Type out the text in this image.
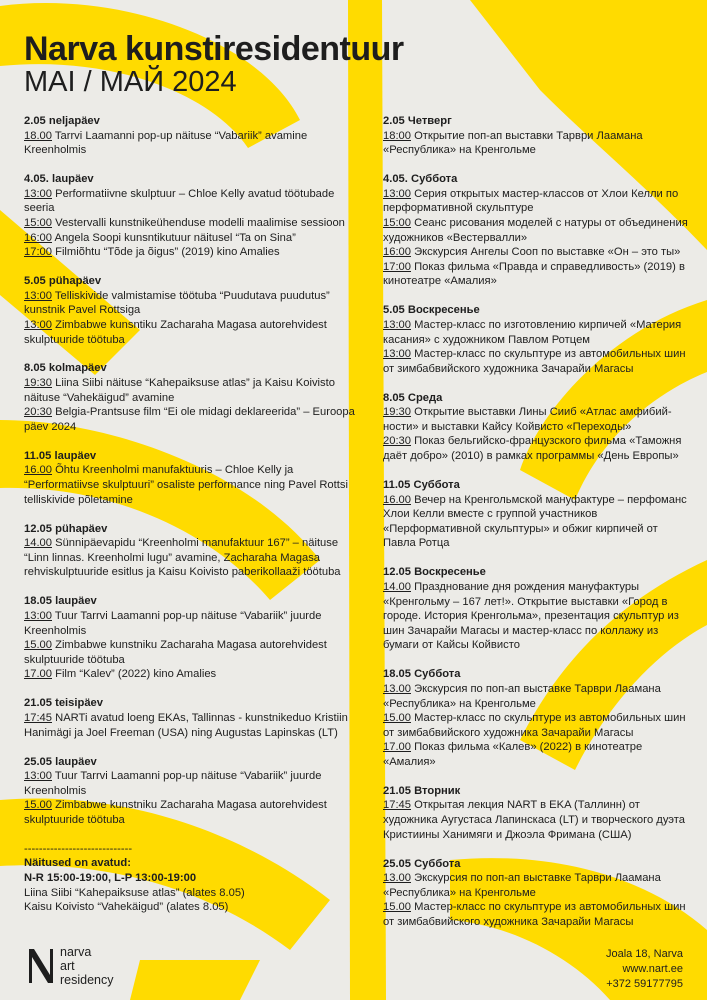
Narva kunstiresidentuur

MAI / МАЙ 2024

2.05 neljapäev
18.00 Tarrvi Laamanni pop-up näituse “Vabariik” avamine Kreenholmis
4.05. laupäev
13:00 Performatiivne skulptuur – Chloe Kelly avatud töötubade seeria
15:00 Vestervalli kunstnikeühenduse modelli maalimise sessioon
16:00 Angela Soopi kunsntikutuur näitusel “Ta on Sina”
17:00 Filmiõhtu “Tõde ja õigus” (2019) kino Amalies
5.05 pühapäev
13:00 Telliskivide valmistamise töötuba “Puudutava puudutus” kunstnik Pavel Rottsiga
13:00 Zimbabwe kunsntiku Zacharaha Magasa autorehvidest skulptuuride töötuba
8.05 kolmapäev
19:30 Liina Siibi näituse “Kahepaiksuse atlas” ja Kaisu Koivisto näituse “Vahekäigud” avamine
20:30 Belgia-Prantsuse film “Ei ole midagi deklareerida” – Euroopa päev 2024
11.05 laupäev
16.00 Õhtu Kreenholmi manufaktuuris – Chloe Kelly ja “Performatiivse skulptuuri” osaliste performance ning Pavel Rottsi telliskivide põletamine
12.05 pühapäev
14.00 Sünnipäevapidu “Kreenholmi manufaktuur 167” – näituse “Linn linnas. Kreenholmi lugu” avamine, Zacharaha Magasa rehviskulptuuride esitlus ja Kaisu Koivisto paberikollaaži töötuba
18.05 laupäev
13:00 Tuur Tarrvi Laamanni pop-up näituse “Vabariik” juurde Kreenholmis
15.00 Zimbabwe kunstniku Zacharaha Magasa autorehvidest skulptuuride töötuba
17.00 Film “Kalev” (2022) kino Amalies
21.05 teisipäev
17:45 NARTi avatud loeng EKAs, Tallinnas - kunstnikeduo Kristiin Hanimägi ja Joel Freeman (USA) ning Augustas Lapinskas (LT)
25.05 laupäev
13:00 Tuur Tarrvi Laamanni pop-up näituse “Vabariik” juurde Kreenholmis
15.00 Zimbabwe kunstniku Zacharaha Magasa autorehvidest skulptuuride töötuba
-----------------------------
Näitused on avatud:
N-R 15:00-19:00, L-P 13:00-19:00
Liina Siibi “Kahepaiksuse atlas” (alates 8.05)
Kaisu Koivisto “Vahekäigud” (alates 8.05)
2.05 Четверг
18:00 Открытие поп-ап выставки Тарври Лаамана «Республика» на Кренгольме
4.05. Суббота
13:00 Серия открытых мастер-классов от Хлои Келли по перформативной скульптуре
15:00 Сеанс рисования моделей с натуры от объединения художников «Вестервалли»
16:00 Экскурсия Ангелы Сооп по выставке «Он – это ты»
17:00 Показ фильма «Правда и справедливость» (2019) в кинотеатре «Амалия»
5.05 Воскресенье
13:00 Мастер-класс по изготовлению кирпичей «Материя касания» с художником Павлом Ротцем
13:00 Мастер-класс по скульптуре из автомобильных шин от зимбабвийского художника Зачарайи Магасы
8.05 Среда
19:30 Открытие выставки Лины Сииб «Атлас амфибий-ности» и выставки Кайсу Койвисто «Переходы»
20:30 Показ бельгийско-французского фильма «Таможня даёт добро» (2010) в рамках программы «День Европы»
11.05 Суббота
16.00 Вечер на Кренгольмской мануфактуре – перфоманс Хлои Келли вместе с группой участников «Перформативной скульптуры» и обжиг кирпичей от Павла Ротца
12.05 Воскресенье
14.00 Празднование дня рождения мануфактуры «Кренгольму – 167 лет!». Открытие выставки «Город в городе. История Кренгольма», презентация скульптур из шин Зачарайи Магасы и мастер-класс по коллажу из бумаги от Кайсы Койвисто
18.05 Суббота
13.00 Экскурсия по поп-ап выставке Тарври Лаамана «Республика» на Кренгольме
15.00 Мастер-класс по скульптуре из автомобильных шин от зимбабвийского художника Зачарайи Магасы
17.00 Показ фильма «Калев» (2022) в кинотеатре «Амалия»
21.05 Вторник
17:45 Открытая лекция NART в EKA (Таллинн) от художника Аугустаса Лапинскаса (LT) и творческого дуэта Кристиины Ханимяги и Джоэла Фримана (США)
25.05 Суббота
13.00 Экскурсия по поп-ап выставке Тарври Лаамана «Республика» на Кренгольме
15.00 Мастер-класс по скульптуре из автомобильных шин от зимбабвийского художника Зачарайи Магасы
narva
art
residency
Joala 18, Narva
www.nart.ee
+372 59177795
